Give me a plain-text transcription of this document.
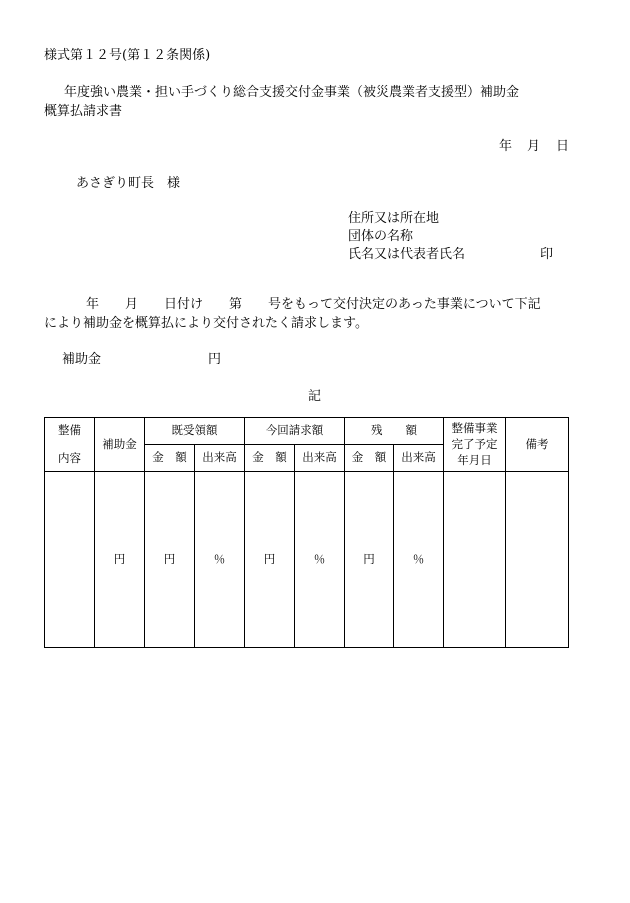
様式第１２号(第１２条関係)
年度強い農業・担い手づくり総合支援交付金事業（被災農業者支援型）補助金
概算払請求書
年 月 日
あさぎり町長　様
住所又は所在地
団体の名称
氏名又は代表者氏名	印
年　　月　　日付け　　第　　号をもって交付決定のあった事業について下記
により補助金を概算払により交付されたく請求します。
補助金	円
記
整備
内容	補助金	既受領額		今回請求額		残　　額		整備事業
完了予定
年月日	備考
		金　額	出来高	金　額	出来高	金　額	出来高		
	円	円	％	円	％	円	％		
